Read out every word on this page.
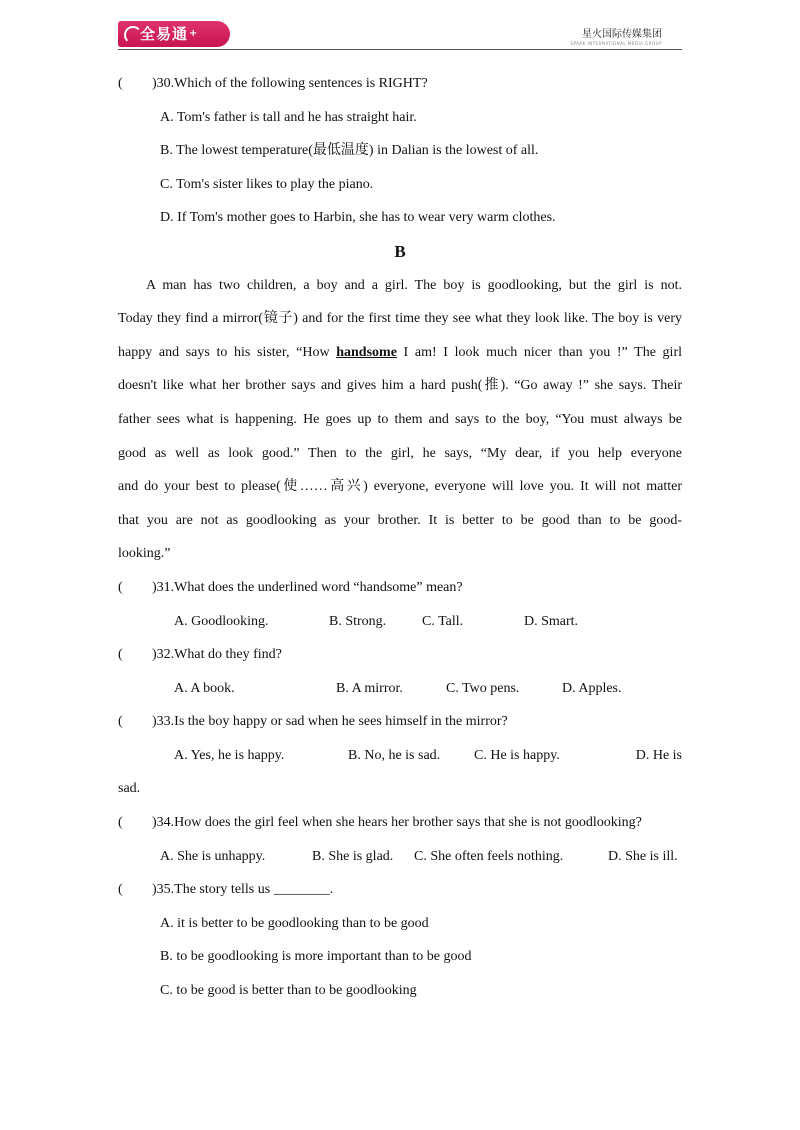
全易通+	星火国际传媒集团
SPARK INTERNATIONAL MEDIA GROUP
(	)30.Which of the following sentences is RIGHT?
A. Tom's father is tall and he has straight hair.
B. The lowest temperature(最低温度) in Dalian is the lowest of all.
C. Tom's sister likes to play the piano.
D. If Tom's mother goes to Harbin, she has to wear very warm clothes.
B
A man has two children, a boy and a girl. The boy is goodlooking, but the girl is not.
Today they find a mirror(镜子) and for the first time they see what they look like. The boy is very
happy and says to his sister, “How handsome I am! I look much nicer than you !” The girl
doesn't like what her brother says and gives him a hard push(推). “Go away !” she says. Their
father sees what is happening. He goes up to them and says to the boy, “You must always be
good as well as look good.” Then to the girl, he says, “My dear, if you help everyone
and do your best to please(使……高兴) everyone, everyone will love you. It will not matter
that you are not as goodlooking as your brother. It is better to be good than to be good-
looking.”
(	)31.What does the underlined word “handsome” mean?
A. Goodlooking.	B. Strong.	C. Tall.	D. Smart.
(	)32.What do they find?
A. A book.	B. A mirror.	C. Two pens.	D. Apples.
(	)33.Is the boy happy or sad when he sees himself in the mirror?
A. Yes, he is happy.	B. No, he is sad.	C. He is happy.	D. He is
sad.
(	)34.How does the girl feel when she hears her brother says that she is not goodlooking?
A. She is unhappy.	B. She is glad. C. She often feels nothing.	D. She is ill.
(	)35.The story tells us ________.
A. it is better to be goodlooking than to be good
B. to be goodlooking is more important than to be good
C. to be good is better than to be goodlooking
